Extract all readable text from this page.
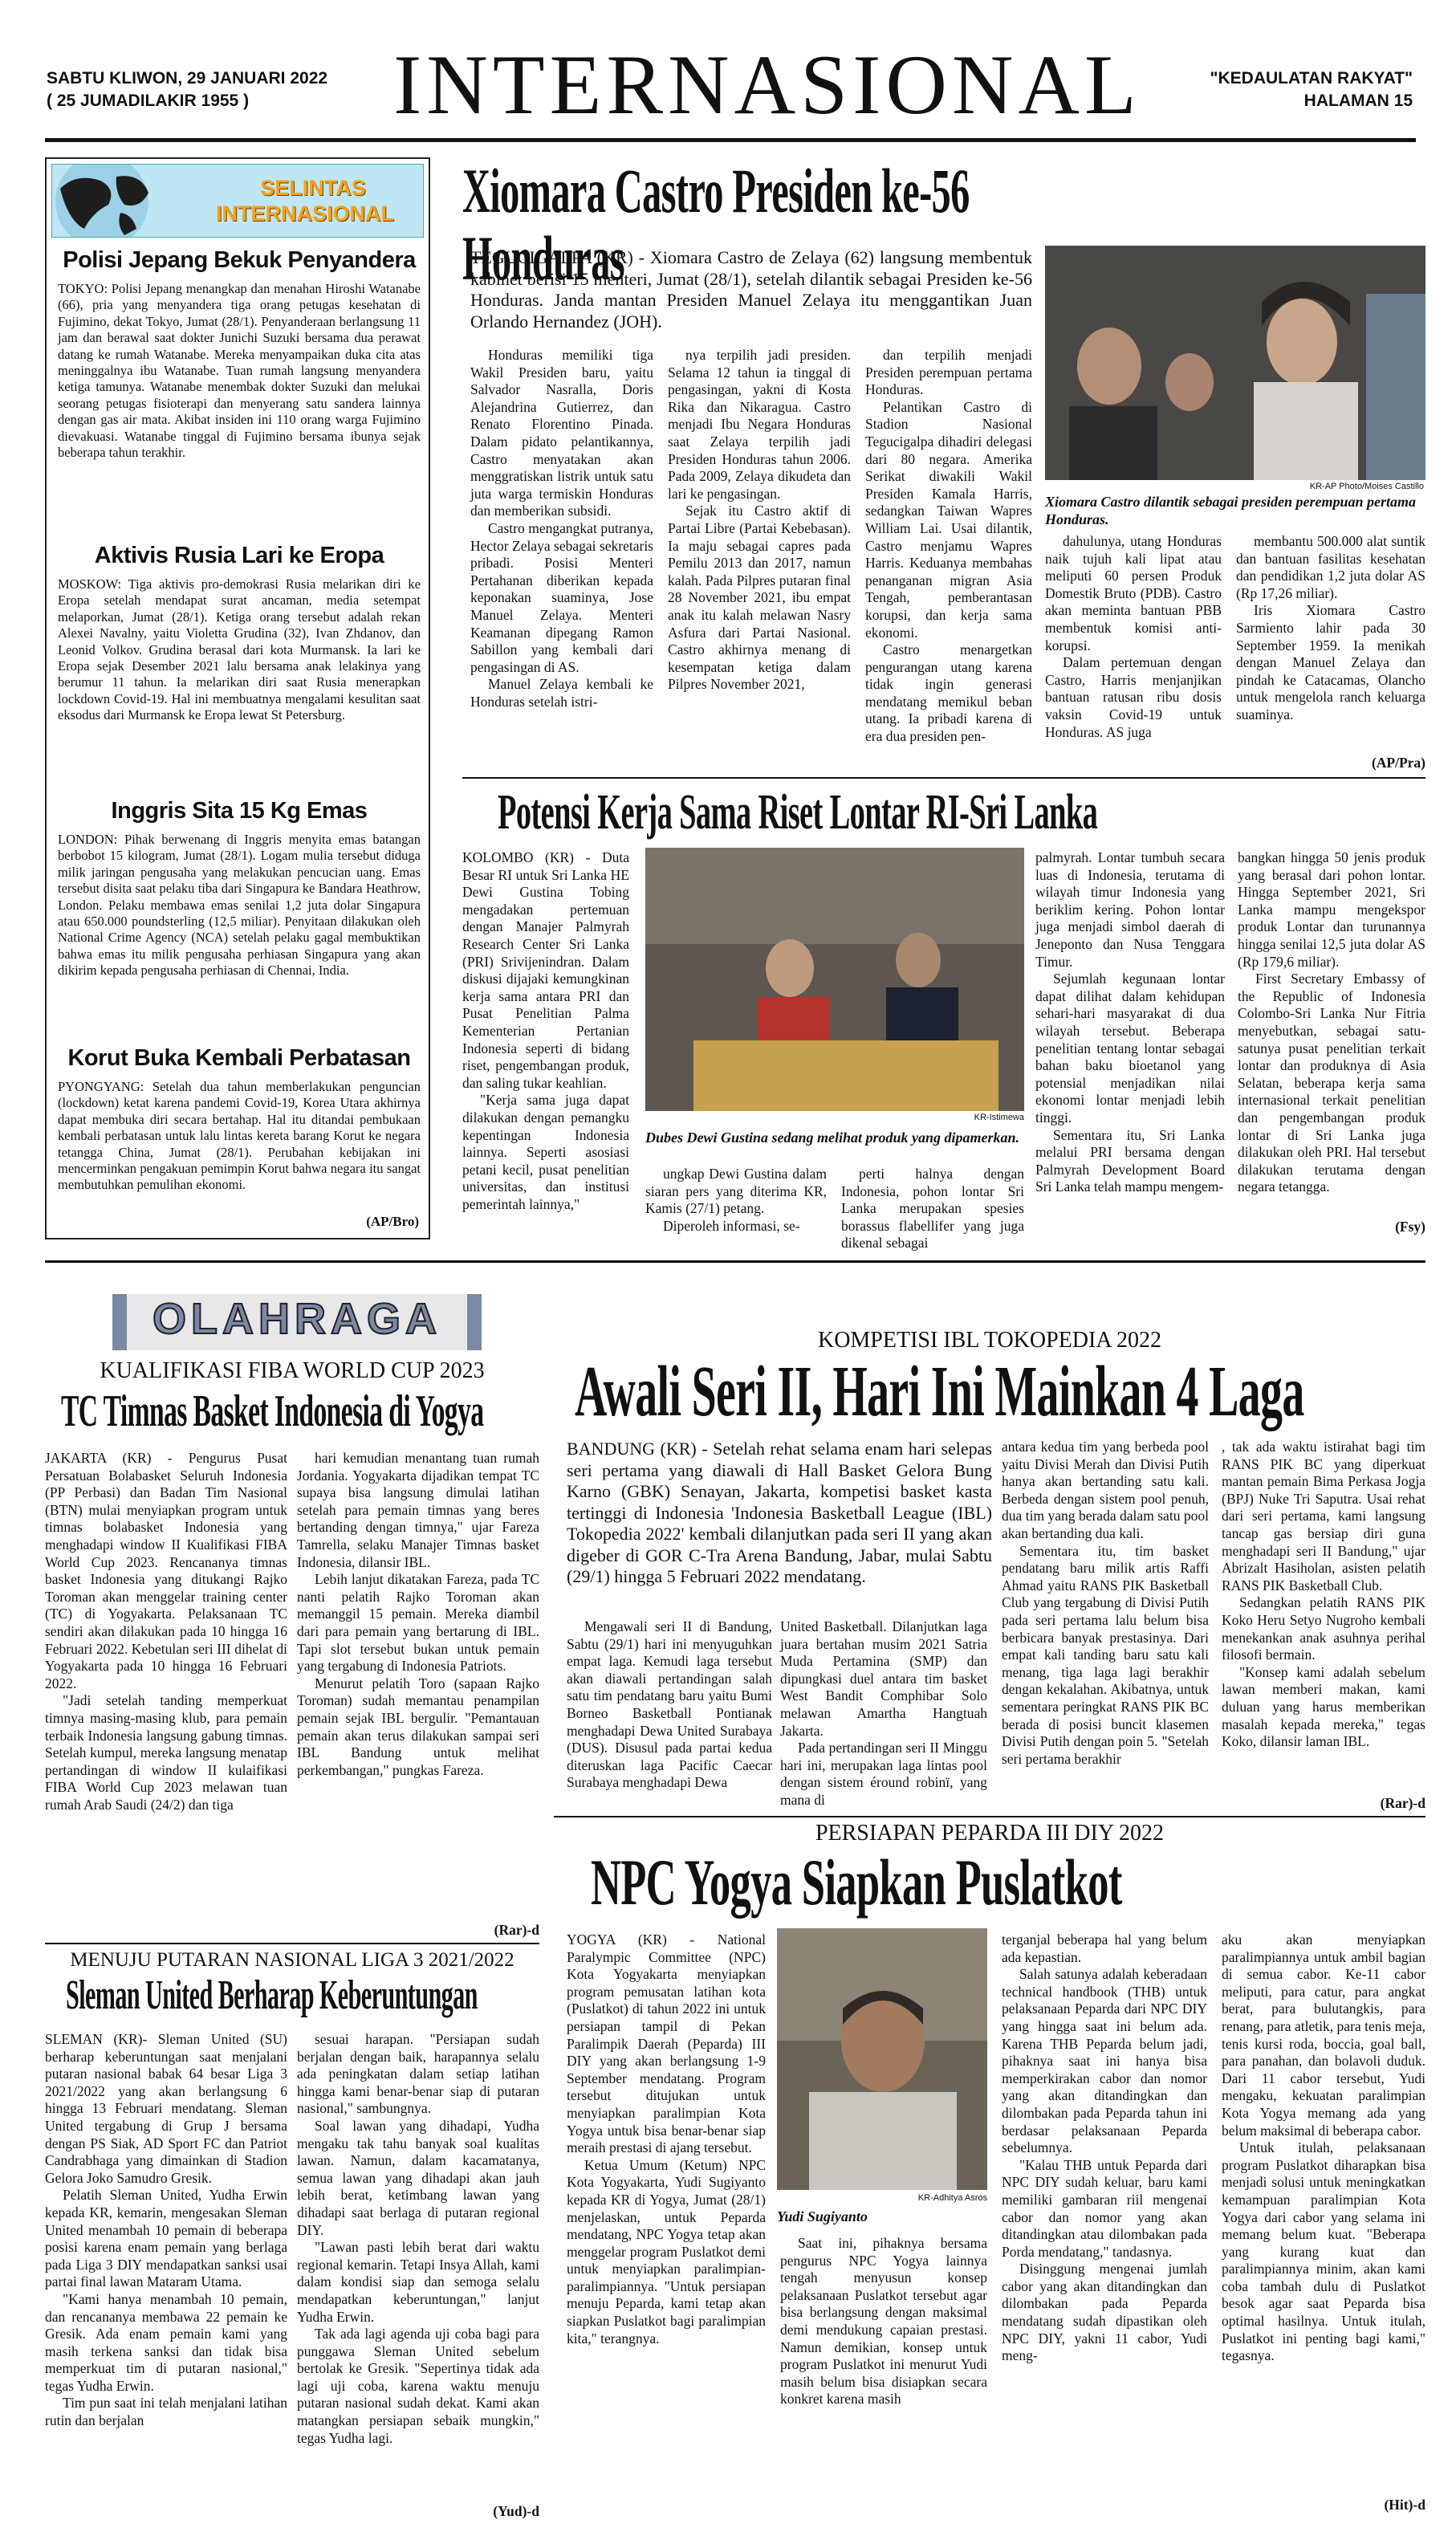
SABTU KLIWON, 29 JANUARI 2022
( 25 JUMADILAKIR 1955 )	INTERNASIONAL	"KEDAULATAN RAKYAT"
HALAMAN 15
SELINTAS
INTERNASIONAL
Polisi Jepang Bekuk Penyandera
TOKYO: Polisi Jepang menangkap dan menahan Hiroshi Watanabe (66), pria yang menyandera tiga orang petugas kesehatan di Fujimino, dekat Tokyo, Jumat (28/1). Penyanderaan berlangsung 11 jam dan berawal saat dokter Junichi Suzuki bersama dua perawat datang ke rumah Watanabe. Mereka menyampaikan duka cita atas meninggalnya ibu Watanabe. Tuan rumah langsung menyandera ketiga tamunya. Watanabe menembak dokter Suzuki dan melukai seorang petugas fisioterapi dan menyerang satu sandera lainnya dengan gas air mata. Akibat insiden ini 110 orang warga Fujimino dievakuasi. Watanabe tinggal di Fujimino bersama ibunya sejak beberapa tahun terakhir.
Aktivis Rusia Lari ke Eropa
MOSKOW: Tiga aktivis pro-demokrasi Rusia melarikan diri ke Eropa setelah mendapat surat ancaman, media setempat melaporkan, Jumat (28/1). Ketiga orang tersebut adalah rekan Alexei Navalny, yaitu Violetta Grudina (32), Ivan Zhdanov, dan Leonid Volkov. Grudina berasal dari kota Murmansk. Ia lari ke Eropa sejak Desember 2021 lalu bersama anak lelakinya yang berumur 11 tahun. Ia melarikan diri saat Rusia menerapkan lockdown Covid-19. Hal ini membuatnya mengalami kesulitan saat eksodus dari Murmansk ke Eropa lewat St Petersburg.
Inggris Sita 15 Kg Emas
LONDON: Pihak berwenang di Inggris menyita emas batangan berbobot 15 kilogram, Jumat (28/1). Logam mulia tersebut diduga milik jaringan pengusaha yang melakukan pencucian uang. Emas tersebut disita saat pelaku tiba dari Singapura ke Bandara Heathrow, London. Pelaku membawa emas senilai 1,2 juta dolar Singapura atau 650.000 poundsterling (12,5 miliar). Penyitaan dilakukan oleh National Crime Agency (NCA) setelah pelaku gagal membuktikan bahwa emas itu milik pengusaha perhiasan Singapura yang akan dikirim kepada pengusaha perhiasan di Chennai, India.
Korut Buka Kembali Perbatasan
PYONGYANG: Setelah dua tahun memberlakukan penguncian (lockdown) ketat karena pandemi Covid-19, Korea Utara akhirnya dapat membuka diri secara bertahap. Hal itu ditandai pembukaan kembali perbatasan untuk lalu lintas kereta barang Korut ke negara tetangga China, Jumat (28/1). Perubahan kebijakan ini mencerminkan pengakuan pemimpin Korut bahwa negara itu sangat membutuhkan pemulihan ekonomi.
(AP/Bro)
Xiomara Castro Presiden ke-56 Honduras
TEGUCIGALPA (KR) - Xiomara Castro de Zelaya (62) langsung membentuk kabinet berisi 15 menteri, Jumat (28/1), setelah dilantik sebagai Presiden ke-56 Honduras. Janda mantan Presiden Manuel Zelaya itu menggantikan Juan Orlando Hernandez (JOH).
KR-AP Photo/Moises Castillo
Xiomara Castro dilantik sebagai presiden perempuan pertama Honduras.

Honduras memiliki tiga Wakil Presiden baru, yaitu Salvador Nasralla, Doris Alejandrina Gutierrez, dan Renato Florentino Pinada. Dalam pidato pelantikannya, Castro menyatakan akan menggratiskan listrik untuk satu juta warga termiskin Honduras dan memberikan subsidi.

Castro mengangkat putranya, Hector Zelaya sebagai sekretaris pribadi. Posisi Menteri Pertahanan diberikan kepada keponakan suaminya, Jose Manuel Zelaya. Menteri Keamanan dipegang Ramon Sabillon yang kembali dari pengasingan di AS.

Manuel Zelaya kembali ke Honduras setelah istri-

nya terpilih jadi presiden. Selama 12 tahun ia tinggal di pengasingan, yakni di Kosta Rika dan Nikaragua. Castro menjadi Ibu Negara Honduras saat Zelaya terpilih jadi Presiden Honduras tahun 2006. Pada 2009, Zelaya dikudeta dan lari ke pengasingan.

Sejak itu Castro aktif di Partai Libre (Partai Kebebasan). Ia maju sebagai capres pada Pemilu 2013 dan 2017, namun kalah. Pada Pilpres putaran final 28 November 2021, ibu empat anak itu kalah melawan Nasry Asfura dari Partai Nasional. Castro akhirnya menang di kesempatan ketiga dalam Pilpres November 2021,

dan terpilih menjadi Presiden perempuan pertama Honduras.

Pelantikan Castro di Stadion Nasional Tegucigalpa dihadiri delegasi dari 80 negara. Amerika Serikat diwakili Wakil Presiden Kamala Harris, sedangkan Taiwan Wapres William Lai. Usai dilantik, Castro menjamu Wapres Harris. Keduanya membahas penanganan migran Asia Tengah, pemberantasan korupsi, dan kerja sama ekonomi.

Castro menargetkan pengurangan utang karena tidak ingin generasi mendatang memikul beban utang. Ia pribadi karena di era dua presiden pen-

dahulunya, utang Honduras naik tujuh kali lipat atau meliputi 60 persen Produk Domestik Bruto (PDB). Castro akan meminta bantuan PBB membentuk komisi anti-korupsi.

Dalam pertemuan dengan Castro, Harris menjanjikan bantuan ratusan ribu dosis vaksin Covid-19 untuk Honduras. AS juga

membantu 500.000 alat suntik dan bantuan fasilitas kesehatan dan pendidikan 1,2 juta dolar AS (Rp 17,26 miliar).

Iris Xiomara Castro Sarmiento lahir pada 30 September 1959. Ia menikah dengan Manuel Zelaya dan pindah ke Catacamas, Olancho untuk mengelola ranch keluarga suaminya.

(AP/Pra)
Potensi Kerja Sama Riset Lontar RI-Sri Lanka
KR-Istimewa
Dubes Dewi Gustina sedang melihat produk yang dipamerkan.

KOLOMBO (KR) - Duta Besar RI untuk Sri Lanka HE Dewi Gustina Tobing mengadakan pertemuan dengan Manajer Palmyrah Research Center Sri Lanka (PRI) Srivijenindran. Dalam diskusi dijajaki kemungkinan kerja sama antara PRI dan Pusat Penelitian Palma Kementerian Pertanian Indonesia seperti di bidang riset, pengembangan produk, dan saling tukar keahlian.

"Kerja sama juga dapat dilakukan dengan pemangku kepentingan Indonesia lainnya. Seperti asosiasi petani kecil, pusat penelitian universitas, dan institusi pemerintah lainnya,"

ungkap Dewi Gustina dalam siaran pers yang diterima KR, Kamis (27/1) petang.

Diperoleh informasi, se-

perti halnya dengan Indonesia, pohon lontar Sri Lanka merupakan spesies borassus flabellifer yang juga dikenal sebagai

palmyrah. Lontar tumbuh secara luas di Indonesia, terutama di wilayah timur Indonesia yang beriklim kering. Pohon lontar juga menjadi simbol daerah di Jeneponto dan Nusa Tenggara Timur.

Sejumlah kegunaan lontar dapat dilihat dalam kehidupan sehari-hari masyarakat di dua wilayah tersebut. Beberapa penelitian tentang lontar sebagai bahan baku bioetanol yang potensial menjadikan nilai ekonomi lontar menjadi lebih tinggi.

Sementara itu, Sri Lanka melalui PRI bersama dengan Palmyrah Development Board Sri Lanka telah mampu mengem-

bangkan hingga 50 jenis produk yang berasal dari pohon lontar. Hingga September 2021, Sri Lanka mampu mengekspor produk Lontar dan turunannya hingga senilai 12,5 juta dolar AS (Rp 179,6 miliar).

First Secretary Embassy of the Republic of Indonesia Colombo-Sri Lanka Nur Fitria menyebutkan, sebagai satu-satunya pusat penelitian terkait lontar dan produknya di Asia Selatan, beberapa kerja sama internasional terkait penelitian dan pengembangan produk lontar di Sri Lanka juga dilakukan oleh PRI. Hal tersebut dilakukan terutama dengan negara tetangga.

(Fsy)
OLAHRAGA
KUALIFIKASI FIBA WORLD CUP 2023
TC Timnas Basket Indonesia di Yogya

JAKARTA (KR) - Pengurus Pusat Persatuan Bolabasket Seluruh Indonesia (PP Perbasi) dan Badan Tim Nasional (BTN) mulai menyiapkan program untuk timnas bolabasket Indonesia yang menghadapi window II Kualifikasi FIBA World Cup 2023. Rencananya timnas basket Indonesia yang ditukangi Rajko Toroman akan menggelar training center (TC) di Yogyakarta. Pelaksanaan TC sendiri akan dilakukan pada 10 hingga 16 Februari 2022. Kebetulan seri III dihelat di Yogyakarta pada 10 hingga 16 Februari 2022.

"Jadi setelah tanding memperkuat timnya masing-masing klub, para pemain terbaik Indonesia langsung gabung timnas. Setelah kumpul, mereka langsung menatap pertandingan di window II kulaifikasi FIBA World Cup 2023 melawan tuan rumah Arab Saudi (24/2) dan tiga

hari kemudian menantang tuan rumah Jordania. Yogyakarta dijadikan tempat TC supaya bisa langsung dimulai latihan setelah para pemain timnas yang beres bertanding dengan timnya," ujar Fareza Tamrella, selaku Manajer Timnas basket Indonesia, dilansir IBL.

Lebih lanjut dikatakan Fareza, pada TC nanti pelatih Rajko Toroman akan memanggil 15 pemain. Mereka diambil dari para pemain yang bertarung di IBL. Tapi slot tersebut bukan untuk pemain yang tergabung di Indonesia Patriots.

Menurut pelatih Toro (sapaan Rajko Toroman) sudah memantau penampilan pemain sejak IBL bergulir. "Pemantauan pemain akan terus dilakukan sampai seri IBL Bandung untuk melihat perkembangan," pungkas Fareza.

(Rar)-d
MENUJU PUTARAN NASIONAL LIGA 3 2021/2022
Sleman United Berharap Keberuntungan

SLEMAN (KR)- Sleman United (SU) berharap keberuntungan saat menjalani putaran nasional babak 64 besar Liga 3 2021/2022 yang akan berlangsung 6 hingga 13 Februari mendatang. Sleman United tergabung di Grup J bersama dengan PS Siak, AD Sport FC dan Patriot Candrabhaga yang dimainkan di Stadion Gelora Joko Samudro Gresik.

Pelatih Sleman United, Yudha Erwin kepada KR, kemarin, mengesakan Sleman United menambah 10 pemain di beberapa posisi karena enam pemain yang berlaga pada Liga 3 DIY mendapatkan sanksi usai partai final lawan Mataram Utama.

"Kami hanya menambah 10 pemain, dan rencananya membawa 22 pemain ke Gresik. Ada enam pemain kami yang masih terkena sanksi dan tidak bisa memperkuat tim di putaran nasional," tegas Yudha Erwin.

Tim pun saat ini telah menjalani latihan rutin dan berjalan

sesuai harapan. "Persiapan sudah berjalan dengan baik, harapannya selalu ada peningkatan dalam setiap latihan hingga kami benar-benar siap di putaran nasional," sambungnya.

Soal lawan yang dihadapi, Yudha mengaku tak tahu banyak soal kualitas lawan. Namun, dalam kacamatanya, semua lawan yang dihadapi akan jauh lebih berat, ketimbang lawan yang dihadapi saat berlaga di putaran regional DIY.

"Lawan pasti lebih berat dari waktu regional kemarin. Tetapi Insya Allah, kami dalam kondisi siap dan semoga selalu mendapatkan keberuntungan," lanjut Yudha Erwin.

Tak ada lagi agenda uji coba bagi para punggawa Sleman United sebelum bertolak ke Gresik. "Sepertinya tidak ada lagi uji coba, karena waktu menuju putaran nasional sudah dekat. Kami akan matangkan persiapan sebaik mungkin," tegas Yudha lagi.

(Yud)-d
KOMPETISI IBL TOKOPEDIA 2022
Awali Seri II, Hari Ini Mainkan 4 Laga
BANDUNG (KR) - Setelah rehat selama enam hari selepas seri pertama yang diawali di Hall Basket Gelora Bung Karno (GBK) Senayan, Jakarta, kompetisi basket kasta tertinggi di Indonesia 'Indonesia Basketball League (IBL) Tokopedia 2022' kembali dilanjutkan pada seri II yang akan digeber di GOR C-Tra Arena Bandung, Jabar, mulai Sabtu (29/1) hingga 5 Februari 2022 mendatang.

Mengawali seri II di Bandung, Sabtu (29/1) hari ini menyuguhkan empat laga. Kemudi laga tersebut akan diawali pertandingan salah satu tim pendatang baru yaitu Bumi Borneo Basketball Pontianak menghadapi Dewa United Surabaya (DUS). Disusul pada partai kedua diteruskan laga Pacific Caecar Surabaya menghadapi Dewa

United Basketball. Dilanjutkan laga juara bertahan musim 2021 Satria Muda Pertamina (SMP) dan dipungkasi duel antara tim basket West Bandit Comphibar Solo melawan Amartha Hangtuah Jakarta.

Pada pertandingan seri II Minggu hari ini, merupakan laga lintas pool dengan sistem éround robinï, yang mana di

antara kedua tim yang berbeda pool yaitu Divisi Merah dan Divisi Putih hanya akan bertanding satu kali. Berbeda dengan sistem pool penuh, dua tim yang berada dalam satu pool akan bertanding dua kali.

Sementara itu, tim basket pendatang baru milik artis Raffi Ahmad yaitu RANS PIK Basketball Club yang tergabung di Divisi Putih pada seri pertama lalu belum bisa berbicara banyak prestasinya. Dari empat kali tanding baru satu kali menang, tiga laga lagi berakhir dengan kekalahan. Akibatnya, untuk sementara peringkat RANS PIK BC berada di posisi buncit klasemen Divisi Putih dengan poin 5. "Setelah seri pertama berakhir

, tak ada waktu istirahat bagi tim RANS PIK BC yang diperkuat mantan pemain Bima Perkasa Jogja (BPJ) Nuke Tri Saputra. Usai rehat dari seri pertama, kami langsung tancap gas bersiap diri guna menghadapi seri II Bandung," ujar Abrizalt Hasiholan, asisten pelatih RANS PIK Basketball Club.

Sedangkan pelatih RANS PIK Koko Heru Setyo Nugroho kembali menekankan anak asuhnya perihal filosofi bermain.

"Konsep kami adalah sebelum lawan memberi makan, kami duluan yang harus memberikan masalah kepada mereka," tegas Koko, dilansir laman IBL.

(Rar)-d
PERSIAPAN PEPARDA III DIY 2022
NPC Yogya Siapkan Puslatkot
KR-Adhitya Asros
Yudi Sugiyanto

YOGYA (KR) - National Paralympic Committee (NPC) Kota Yogyakarta menyiapkan program pemusatan latihan kota (Puslatkot) di tahun 2022 ini untuk persiapan tampil di Pekan Paralimpik Daerah (Peparda) III DIY yang akan berlangsung 1-9 September mendatang. Program tersebut ditujukan untuk menyiapkan paralimpian Kota Yogya untuk bisa benar-benar siap meraih prestasi di ajang tersebut.

Ketua Umum (Ketum) NPC Kota Yogyakarta, Yudi Sugiyanto kepada KR di Yogya, Jumat (28/1) menjelaskan, untuk Peparda mendatang, NPC Yogya tetap akan menggelar program Puslatkot demi untuk menyiapkan paralimpian-paralimpiannya. "Untuk persiapan menuju Peparda, kami tetap akan siapkan Puslatkot bagi paralimpian kita," terangnya.

Saat ini, pihaknya bersama pengurus NPC Yogya lainnya tengah menyusun konsep pelaksanaan Puslatkot tersebut agar bisa berlangsung dengan maksimal demi mendukung capaian prestasi. Namun demikian, konsep untuk program Puslatkot ini menurut Yudi masih belum bisa disiapkan secara konkret karena masih

terganjal beberapa hal yang belum ada kepastian.

Salah satunya adalah keberadaan technical handbook (THB) untuk pelaksanaan Peparda dari NPC DIY yang hingga saat ini belum ada. Karena THB Peparda belum jadi, pihaknya saat ini hanya bisa memperkirakan cabor dan nomor yang akan ditandingkan dan dilombakan pada Peparda tahun ini berdasar pelaksanaan Peparda sebelumnya.

"Kalau THB untuk Peparda dari NPC DIY sudah keluar, baru kami memiliki gambaran riil mengenai cabor dan nomor yang akan ditandingkan atau dilombakan pada Porda mendatang," tandasnya.

Disinggung mengenai jumlah cabor yang akan ditandingkan dan dilombakan pada Peparda mendatang sudah dipastikan oleh NPC DIY, yakni 11 cabor, Yudi meng-

aku akan menyiapkan paralimpiannya untuk ambil bagian di semua cabor. Ke-11 cabor meliputi, para catur, para angkat berat, para bulutangkis, para renang, para atletik, para tenis meja, tenis kursi roda, boccia, goal ball, para panahan, dan bolavoli duduk. Dari 11 cabor tersebut, Yudi mengaku, kekuatan paralimpian Kota Yogya memang ada yang belum maksimal di beberapa cabor.

Untuk itulah, pelaksanaan program Puslatkot diharapkan bisa menjadi solusi untuk meningkatkan kemampuan paralimpian Kota Yogya dari cabor yang selama ini memang belum kuat. "Beberapa yang kurang kuat dan paralimpiannya minim, akan kami coba tambah dulu di Puslatkot besok agar saat Peparda bisa optimal hasilnya. Untuk itulah, Puslatkot ini penting bagi kami," tegasnya.

(Hit)-d
